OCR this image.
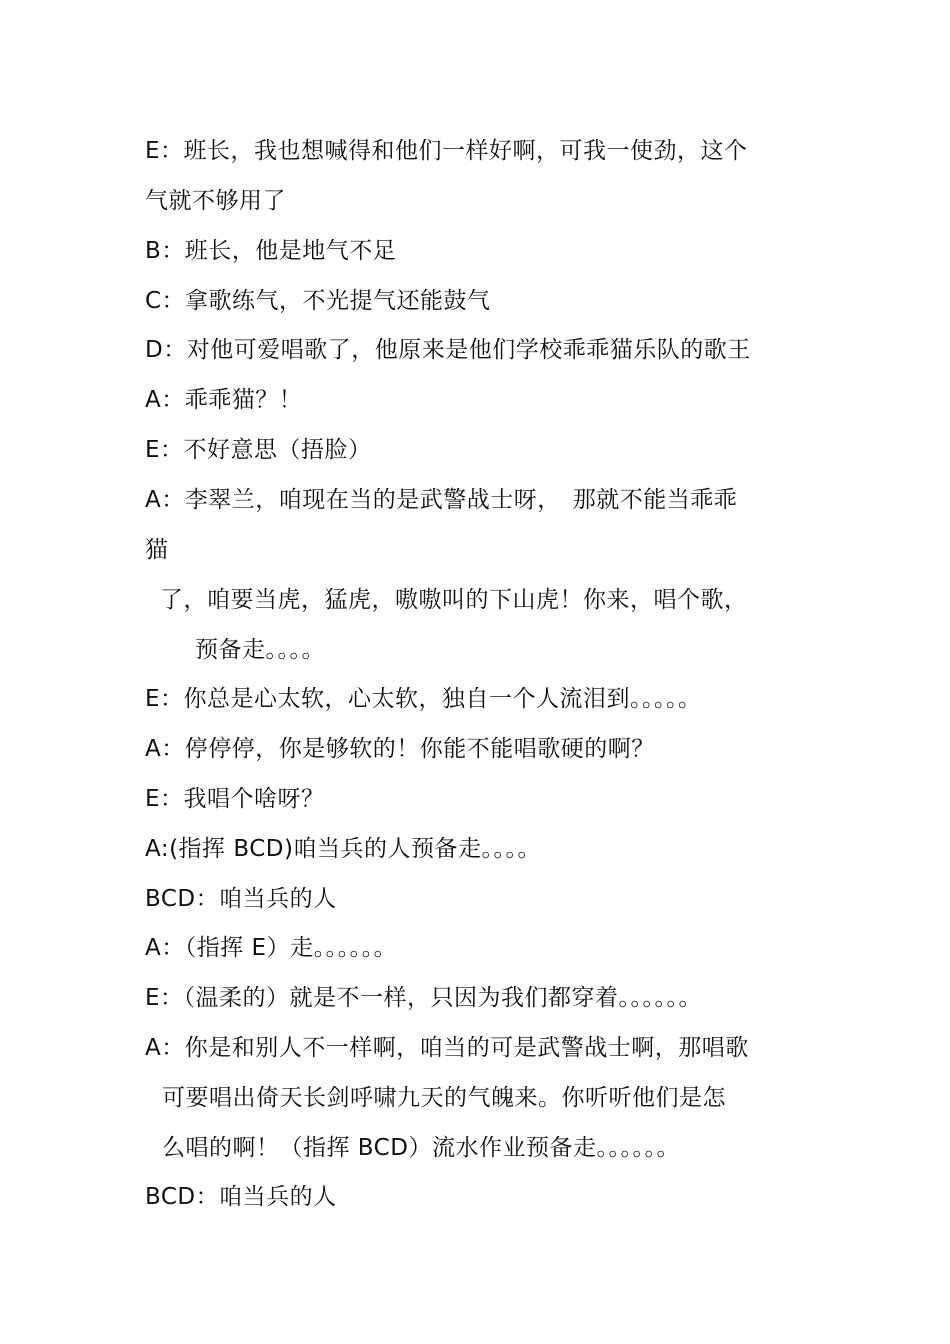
E：班长，我也想喊得和他们一样好啊，可我一使劲，这个
气就不够用了
B：班长，他是地气不足
C：拿歌练气，不光提气还能鼓气
D：对他可爱唱歌了，他原来是他们学校乖乖猫乐队的歌王
A：乖乖猫？！
E：不好意思（捂脸）
A：李翠兰，咱现在当的是武警战士呀，　那就不能当乖乖
猫
了，咱要当虎，猛虎，嗷嗷叫的下山虎！你来，唱个歌，
预备走。。。。
E：你总是心太软，心太软，独自一个人流泪到。。。。。
A：停停停，你是够软的！你能不能唱歌硬的啊？
E：我唱个啥呀？
A:(指挥 BCD)咱当兵的人预备走。。。。
BCD：咱当兵的人
A：（指挥 E）走。。。。。。
E：（温柔的）就是不一样，只因为我们都穿着。。。。。。
A：你是和别人不一样啊，咱当的可是武警战士啊，那唱歌
可要唱出倚天长剑呼啸九天的气魄来。你听听他们是怎
么唱的啊！（指挥 BCD）流水作业预备走。。。。。。
BCD：咱当兵的人
